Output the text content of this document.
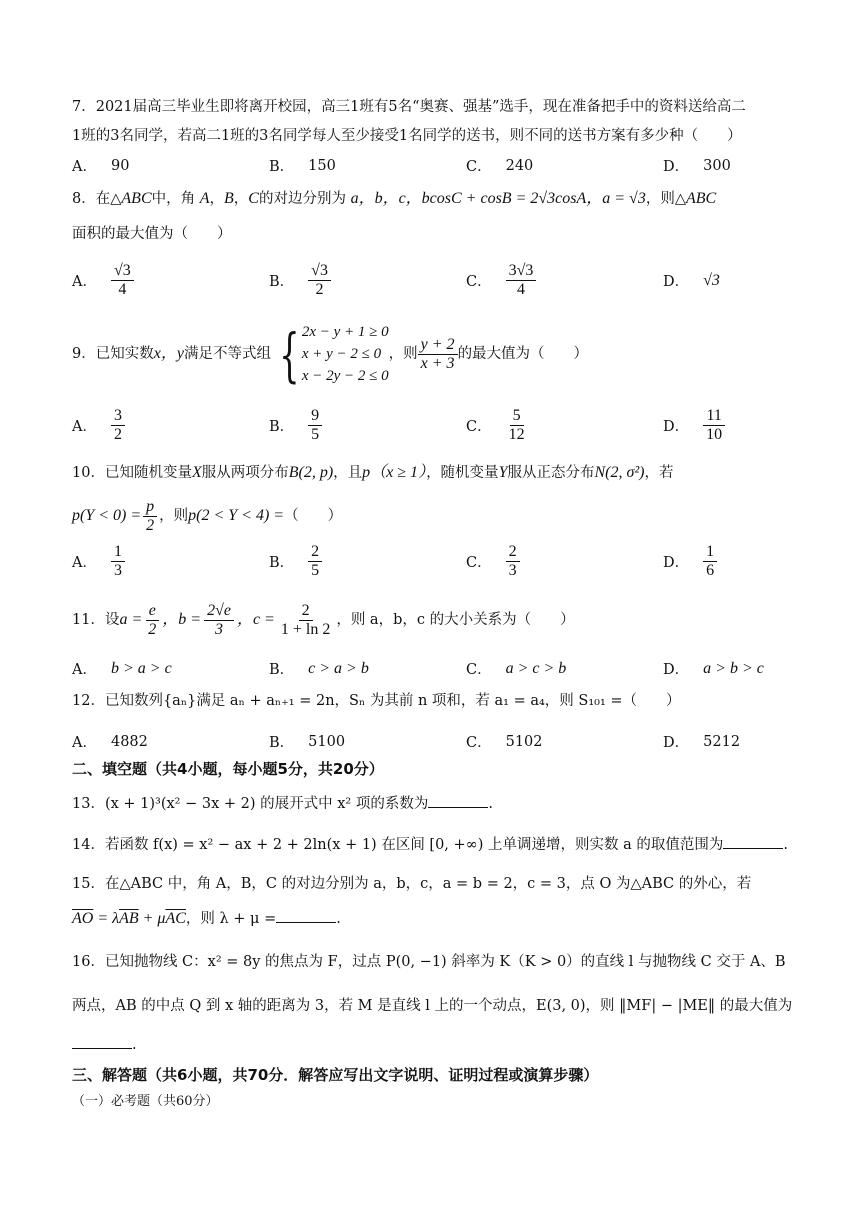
7．2021届高三毕业生即将离开校园，高三1班有5名“奥赛、强基”选手，现在准备把手中的资料送给高二
1班的3名同学，若高二1班的3名同学每人至少接受1名同学的送书，则不同的送书方案有多少种（　　）
A． 90	B． 150	C． 240	D． 300
8．在△ABC中，角 A，B，C的对边分别为 a，b，c，bcosC + cosB = 2√3cosA，a = √3，则△ABC
面积的最大值为（　　）
A． $\frac{√3}{4}$	B． $\frac{√3}{2}$	C． $\frac{3√3}{4}$	D． √3
9．已知实数 x，y 满足不等式组 { 2x − y + 1 ≥ 0
x + y − 2 ≤ 0
x − 2y − 2 ≤ 0
，则 $\frac{y + 2}{x + 3}$ 的最大值为（　　）
A． $\frac{3}{2}$	B． $\frac{9}{5}$	C． $\frac{5}{12}$	D． $\frac{11}{10}$
10．已知随机变量X服从两项分布B(2, p)，且p（x ≥ 1），随机变量Y服从正态分布N(2, σ²)，若
$p(Y < 0) = \frac{p}{2}$ ，则 p(2 < Y < 4) = （　　）
A． $\frac{1}{3}$	B． $\frac{2}{5}$	C． $\frac{2}{3}$	D． $\frac{1}{6}$
11．设 $a = \frac{e}{2}$ ，$b = \frac{2√e}{3}$ ，$c = \frac{2}{1 + \ln 2}$ ，则 a，b，c 的大小关系为（　　）
A． b > a > c	B． c > a > b	C． a > c > b	D． a > b > c
12．已知数列{aₙ}满足 aₙ + aₙ₊₁ = 2n，Sₙ 为其前 n 项和，若 a₁ = a₄，则 S₁₀₁ =（　　）
A． 4882	B． 5100	C． 5102	D． 5212
二、填空题（共4小题，每小题5分，共20分）
13．(x + 1)³(x² − 3x + 2) 的展开式中 x² 项的系数为	.
14．若函数 f(x) = x² − ax + 2 + 2ln(x + 1) 在区间 [0, +∞) 上单调递增，则实数 a 的取值范围为	.
15．在△ABC 中，角 A，B，C 的对边分别为 a，b，c，a = b = 2，c = 3，点 O 为△ABC 的外心，若
$\overline{AO} = \lambda\overline{AB} + \mu\overline{AC}$，则 λ + μ =	.
16．已知抛物线 C：x² = 8y 的焦点为 F，过点 P(0, −1) 斜率为 K（K > 0）的直线 l 与抛物线 C 交于 A、B
两点，AB 的中点 Q 到 x 轴的距离为 3，若 M 是直线 l 上的一个动点，E(3, 0)，则 ‖MF| − |ME‖ 的最大值为
.
三、解答题（共6小题，共70分．解答应写出文字说明、证明过程或演算步骤）
（一）必考题（共60分）
